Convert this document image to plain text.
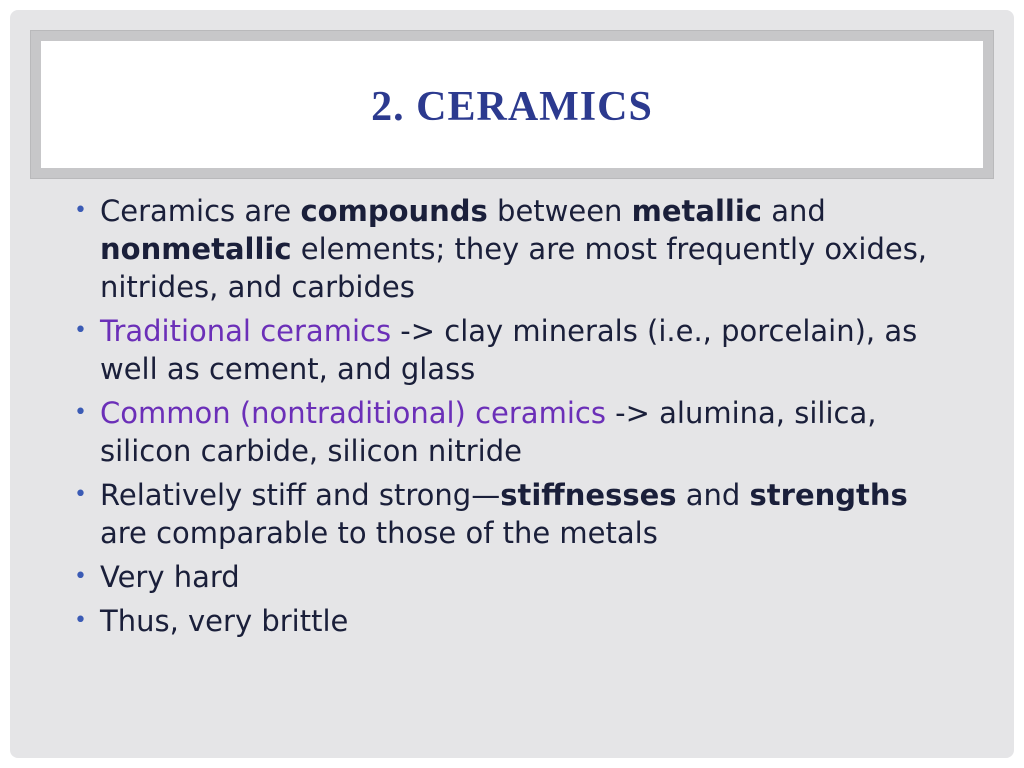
2. CERAMICS
• Ceramics are compounds between metallic and nonmetallic elements; they are most frequently oxides, nitrides, and carbides
• Traditional ceramics -> clay minerals (i.e., porcelain), as well as cement, and glass
• Common (nontraditional) ceramics -> alumina, silica, silicon carbide, silicon nitride
• Relatively stiff and strong—stiffnesses and strengths are comparable to those of the metals
• Very hard
• Thus, very brittle
